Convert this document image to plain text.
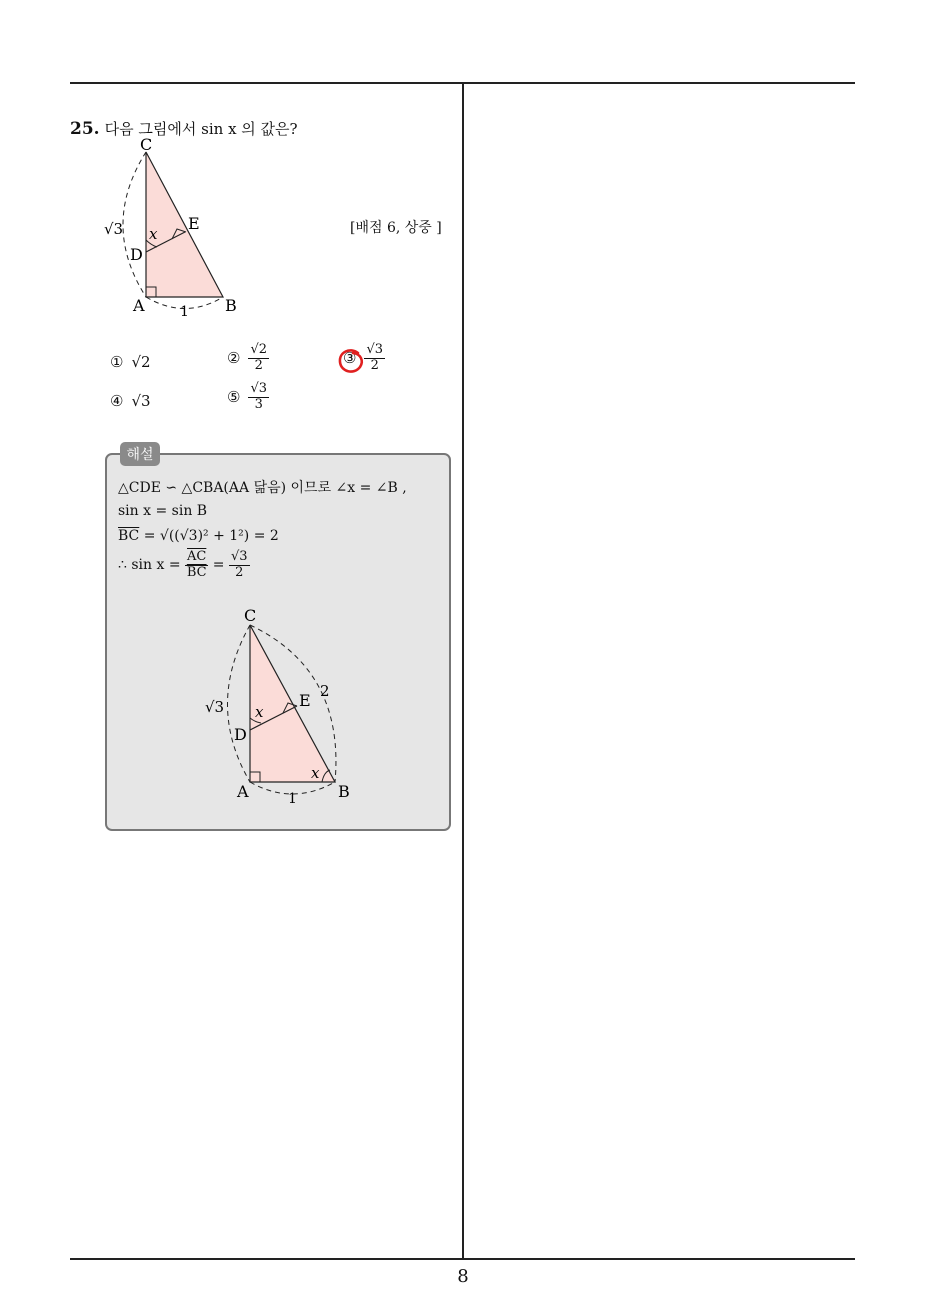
25. 다음 그림에서 sin x 의 값은?
[배점 6, 상중 ]
C
E
D
A	B
x
1
√3
① √2	② $\frac{√2}{2}$	③ $\frac{√3}{2}$
④ √3	⑤ $\frac{√3}{3}$
해설
△CDE ∽ △CBA(AA 닮음) 이므로 ∠x = ∠B ,
sin x = sin B
$\overline{BC} = √((√3)^2 + 1^2) = 2$
∴ $\sin x = \frac{\overline{AC}}{BC} = \frac{√3}{2}$
C
E 2
D
A	B
x
x
1
√3
8
